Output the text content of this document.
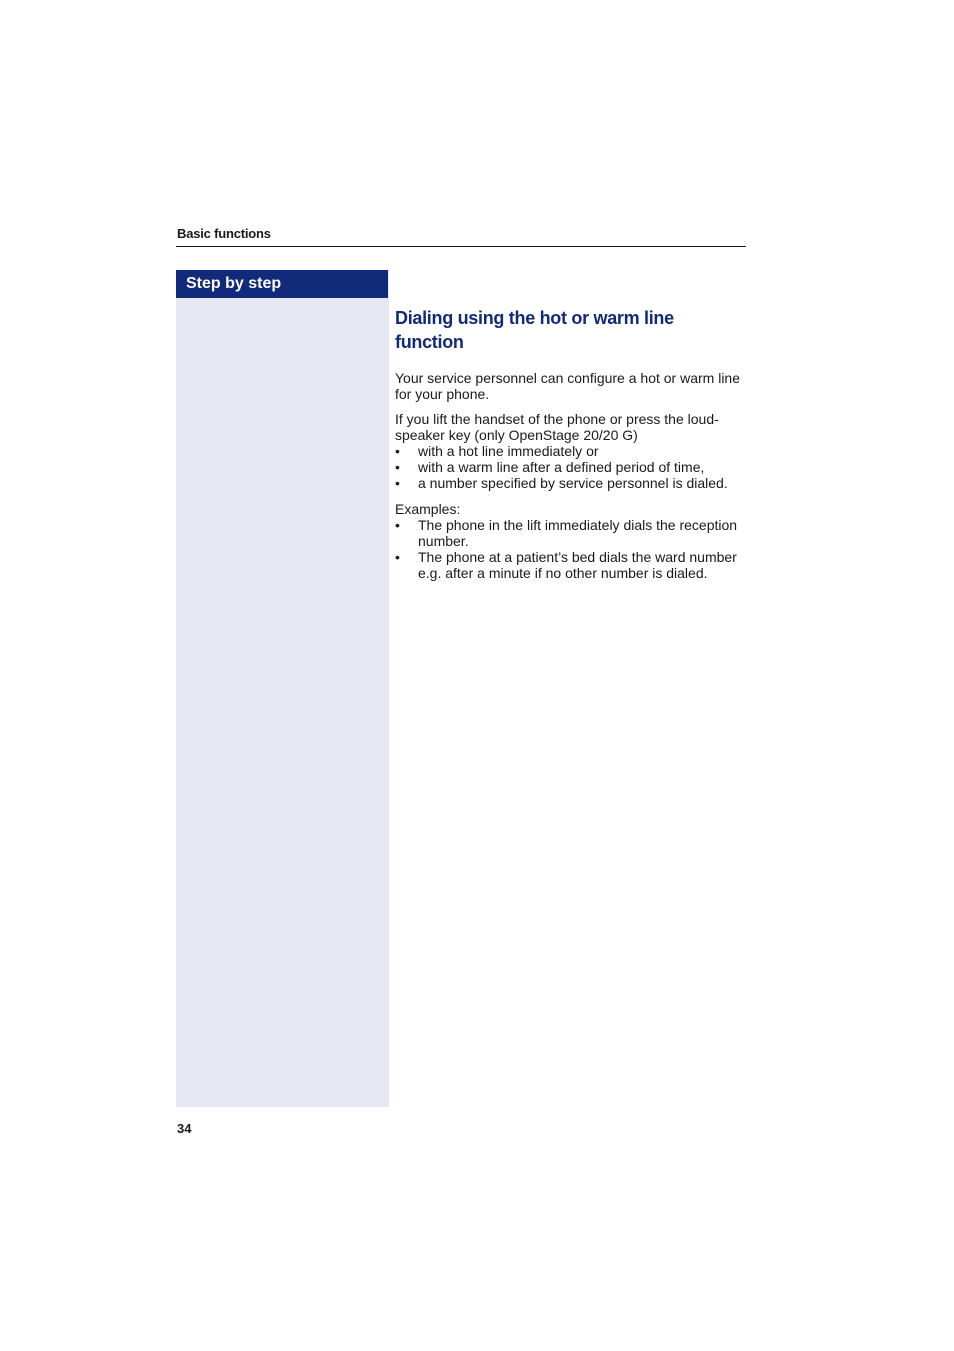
Basic functions
Step by step
Dialing using the hot or warm line function

Your service personnel can configure a hot or warm line for your phone.

If you lift the handset of the phone or press the loud-
speaker key (only OpenStage 20/20 G)

• with a hot line immediately or
• with a warm line after a defined period of time,
• a number specified by service personnel is dialed.

Examples:

• The phone in the lift immediately dials the reception number.
• The phone at a patient’s bed dials the ward number e.g. after a minute if no other number is dialed.
34
